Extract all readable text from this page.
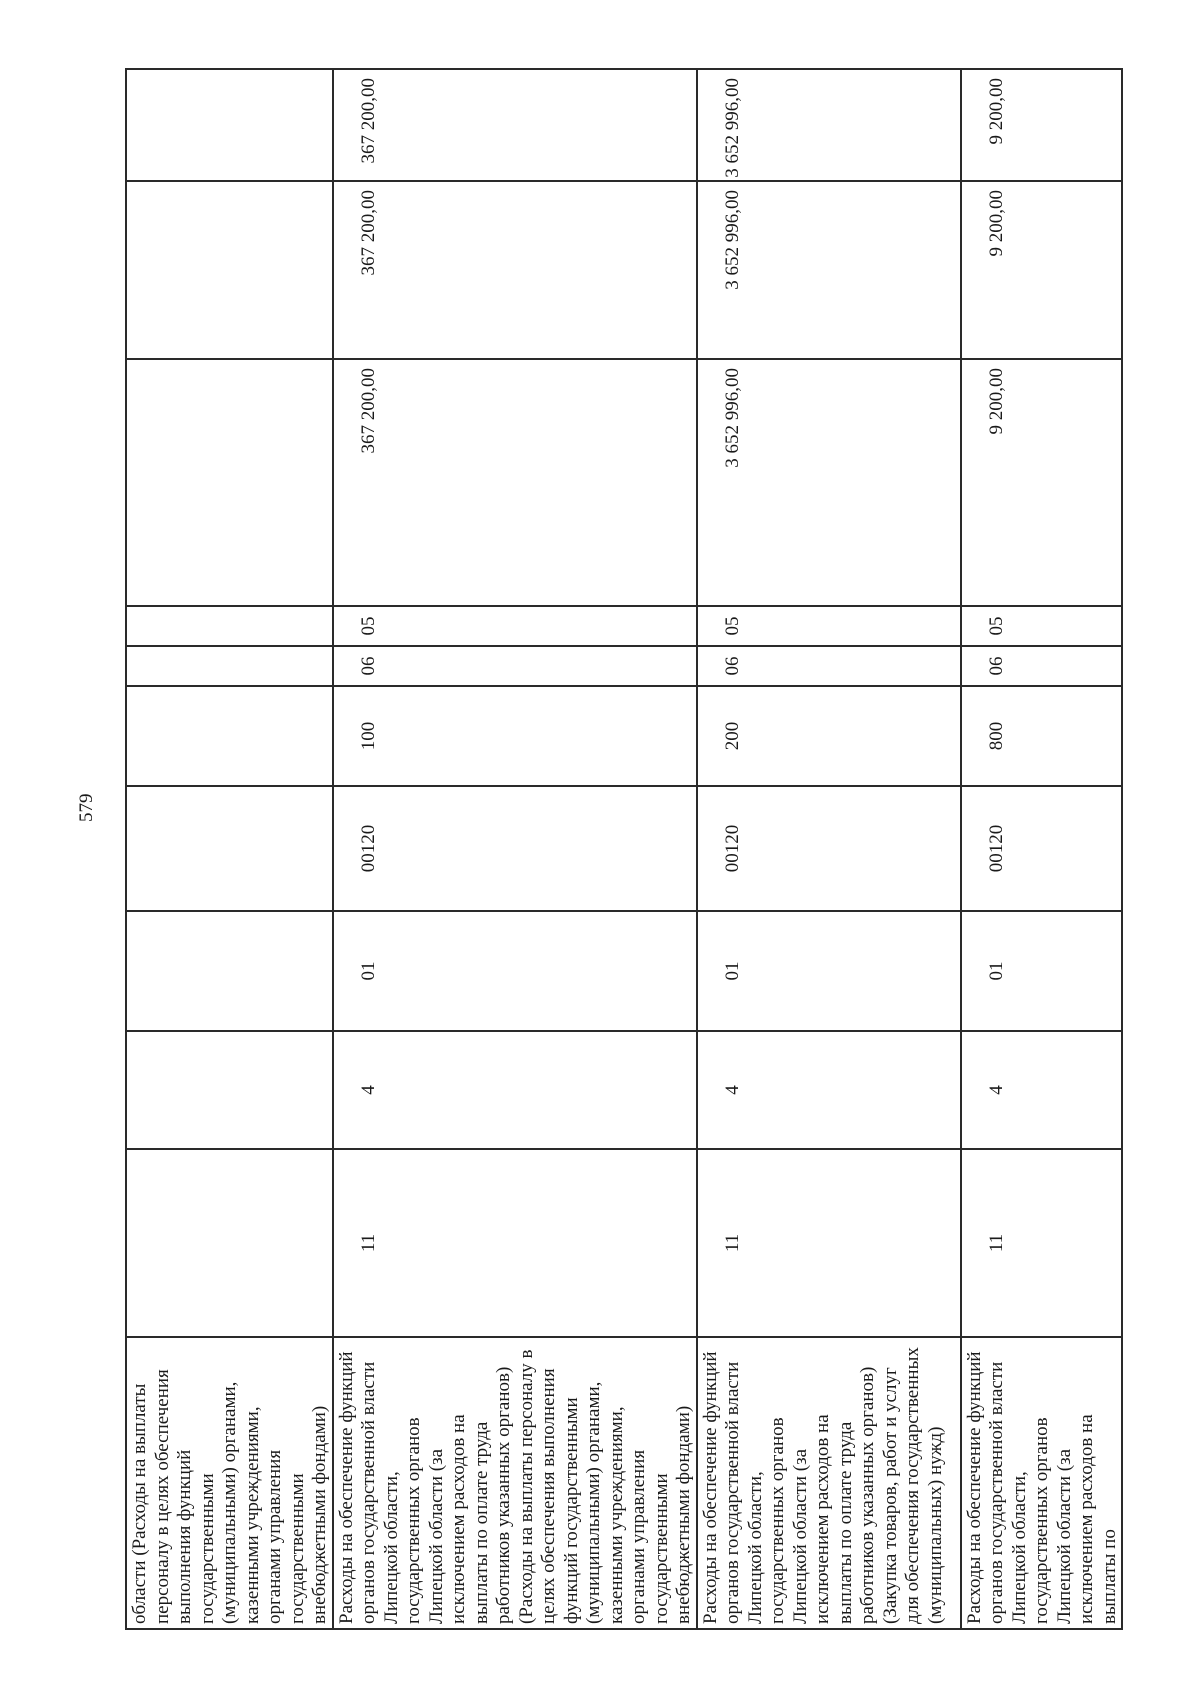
579
области (Расходы на выплаты персоналу в целях обеспечения выполнения функций государственными (муниципальными) органами, казенными учреждениями, органами управления государственными внебюджетными фондами)										
Расходы на обеспечение функций органов государственной власти Липецкой области, государственных органов Липецкой области (за исключением расходов на выплаты по оплате труда работников указанных органов) (Расходы на выплаты персоналу в целях обеспечения выполнения функций государственными (муниципальными) органами, казенными учреждениями, органами управления государственными внебюджетными фондами)	11	4	01	00120	100	06	05	367 200,00	367 200,00	367 200,00
Расходы на обеспечение функций органов государственной власти Липецкой области, государственных органов Липецкой области (за исключением расходов на выплаты по оплате труда работников указанных органов) (Закупка товаров, работ и услуг для обеспечения государственных (муниципальных) нужд)	11	4	01	00120	200	06	05	3 652 996,00	3 652 996,00	3 652 996,00
Расходы на обеспечение функций органов государственной власти Липецкой области, государственных органов Липецкой области (за исключением расходов на выплаты по	11	4	01	00120	800	06	05	9 200,00	9 200,00	9 200,00
